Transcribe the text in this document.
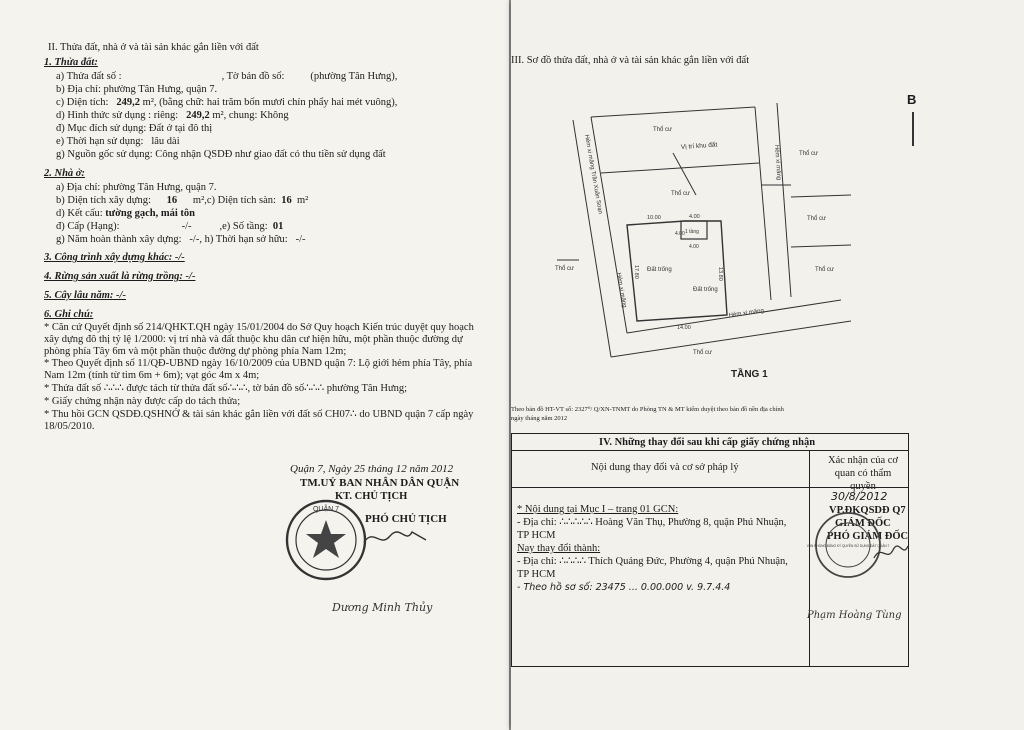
II. Thửa đất, nhà ở và tài sản khác gắn liền với đất
1. Thửa đất:
a) Thửa đất số :	, Tờ bản đồ số: (phường Tân Hưng),
b) Địa chỉ: phường Tân Hưng, quận 7.
c) Diện tích: 249,2 m², (bằng chữ: hai trăm bốn mươi chín phẩy hai mét vuông),
d) Hình thức sử dụng : riêng: 249,2 m², chung: Không
đ) Mục đích sử dụng: Đất ở tại đô thị
e) Thời hạn sử dụng: lâu dài
g) Nguồn gốc sử dụng: Công nhận QSDĐ như giao đất có thu tiền sử dụng đất
2. Nhà ở:
a) Địa chỉ: phường Tân Hưng, quận 7.
b) Diện tích xây dựng: 16 m²,c) Diện tích sàn: 16 m²
d) Kết cấu: tường gạch, mái tôn
đ) Cấp (Hạng):	-/-	,e) Số tầng: 01
g) Năm hoàn thành xây dựng: -/-, h) Thời hạn sở hữu: -/-
3. Công trình xây dựng khác: -/-
4. Rừng sản xuất là rừng trồng: -/-
5. Cây lâu năm: -/-
6. Ghi chú:
* Căn cứ Quyết định số 214/QHKT.QH ngày 15/01/2004 do Sở Quy hoạch Kiến trúc duyệt quy hoạch xây dựng đô thị tỷ lệ 1/2000: vị trí nhà và đất thuộc khu dân cư hiện hữu, một phần thuộc đường dự phòng phía Tây 6m và một phần thuộc đường dự phòng phía Nam 12m;
* Theo Quyết định số 11/QĐ-UBND ngày 16/10/2009 của UBND quận 7: Lộ giới hẻm phía Tây, phía Nam 12m (tính từ tim 6m + 6m); vạt góc 4m x 4m;
* Thửa đất số ∴∴∴ được tách từ thửa đất số∴∴∴, tờ bản đồ số∴∴∴ phường Tân Hưng;
* Giấy chứng nhận này được cấp do tách thửa;
* Thu hồi GCN QSDĐ.QSHNỞ & tài sản khác gắn liền với đất số CH07∴ do UBND quận 7 cấp ngày 18/05/2010.
Quận 7, Ngày 25 tháng 12 năm 2012
TM.UỶ BAN NHÂN DÂN QUẬN
KT. CHỦ TỊCH
PHÓ CHỦ TỊCH
QUẬN 7
Dương Minh Thủy
III. Sơ đồ thửa đất, nhà ở và tài sản khác gắn liền với đất
B
Hẻm xi măng Trần Xuân Soạn
Hẻm xi măng
Hẻm xi măng
Hẻm xi măng
Vị trí khu đất
Thổ cư
Thổ cư
Thổ cư
Thổ cư
Thổ cư	Thổ cư
Thổ cư
Đất trống
Đất trống
1 tầng
10.00	4.00
4.00
4.00
17.80	13.80
14.00
TẦNG 1
Theo bản đồ HT-VT số: 2327⁰/ Q/XN-TNMT do Phòng TN & MT kiểm duyệt theo bản đồ nền địa chính
ngày tháng năm 2012
IV. Những thay đổi sau khi cấp giấy chứng nhận
Nội dung thay đổi và cơ sở pháp lý
Xác nhận của cơ quan có thẩm quyền
* Nội dung tại Mục I – trang 01 GCN:
- Địa chỉ: ∴∴∴∴∴ Hoàng Văn Thụ, Phường 8, quận Phú Nhuận,
TP HCM
Nay thay đổi thành:
- Địa chỉ: ∴∴∴∴ Thích Quảng Đức, Phường 4, quận Phú Nhuận,
TP HCM
- Theo hồ sơ số: 23475 ... 0.00.000 v. 9.7.4.4
30/8/2012
VP.ĐKQSDĐ Q7
GIÁM ĐỐC
PHÓ GIÁM ĐỐC
VĂN PHÒNG ĐĂNG KÝ QUYỀN SỬ DỤNG ĐẤT QUẬN 7
Phạm Hoàng Tùng
